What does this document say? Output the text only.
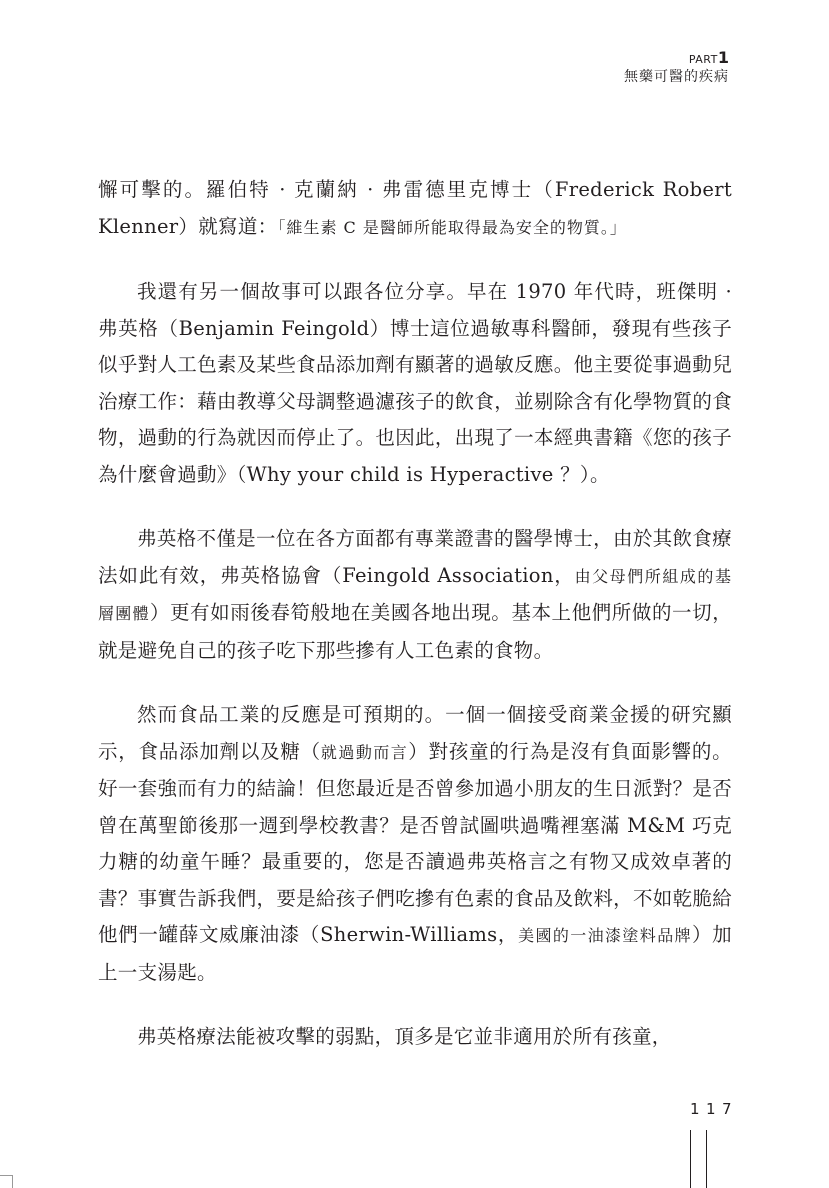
PART1
無藥可醫的疾病

懈可擊的。羅伯特 · 克蘭納 · 弗雷德里克博士（Frederick Robert Klenner）就寫道：「維生素 C 是醫師所能取得最為安全的物質。」

我還有另一個故事可以跟各位分享。早在 1970 年代時，班傑明 · 弗英格（Benjamin Feingold）博士這位過敏專科醫師，發現有些孩子似乎對人工色素及某些食品添加劑有顯著的過敏反應。他主要從事過動兒治療工作：藉由教導父母調整過濾孩子的飲食，並剔除含有化學物質的食物，過動的行為就因而停止了。也因此，出現了一本經典書籍《您的孩子為什麼會過動》（Why your child is Hyperactive ？）。

弗英格不僅是一位在各方面都有專業證書的醫學博士，由於其飲食療法如此有效，弗英格協會（Feingold Association，由父母們所組成的基層團體）更有如雨後春筍般地在美國各地出現。基本上他們所做的一切，就是避免自己的孩子吃下那些摻有人工色素的食物。

然而食品工業的反應是可預期的。一個一個接受商業金援的研究顯示，食品添加劑以及糖（就過動而言）對孩童的行為是沒有負面影響的。好一套強而有力的結論！但您最近是否曾參加過小朋友的生日派對？是否曾在萬聖節後那一週到學校教書？是否曾試圖哄過嘴裡塞滿 M&M 巧克力糖的幼童午睡？最重要的，您是否讀過弗英格言之有物又成效卓著的書？事實告訴我們，要是給孩子們吃摻有色素的食品及飲料，不如乾脆給他們一罐薛文威廉油漆（Sherwin-Williams，美國的一油漆塗料品牌）加上一支湯匙。

弗英格療法能被攻擊的弱點，頂多是它並非適用於所有孩童，

1 1 7
